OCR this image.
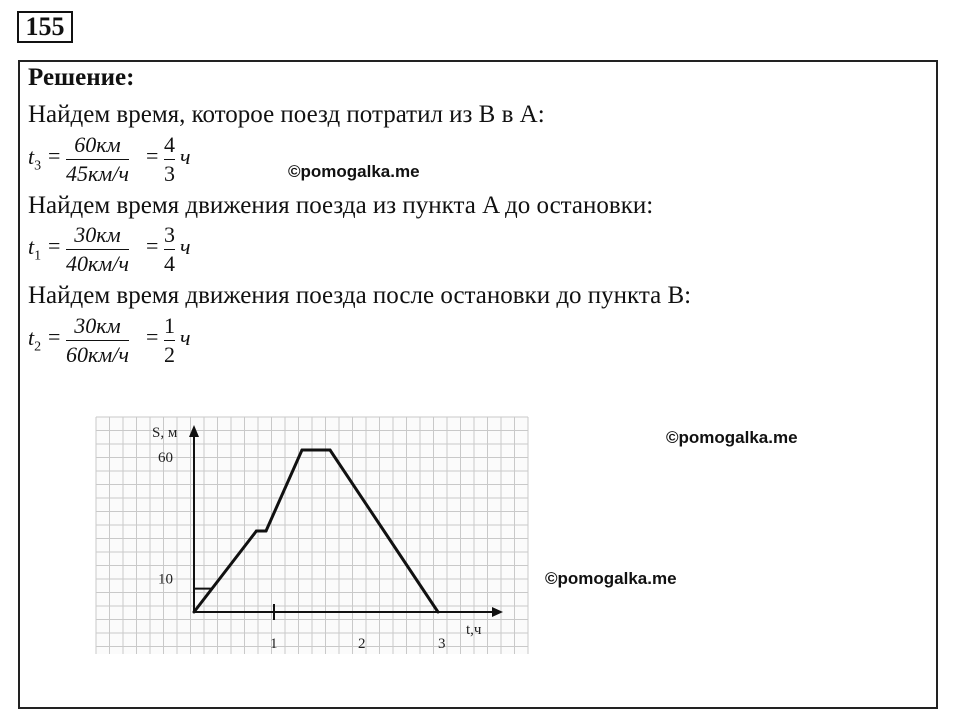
155
Решение:
Найдем время, которое поезд потратил из B в A:
Найдем время движения поезда из пункта A до остановки:
Найдем время движения поезда после остановки до пункта B:
$t_3 = 60км$
45км/ч
= $\frac{4}{3}$ ч
$t_1 = 30км$
40км/ч
= $\frac{3}{4}$ ч
$t_2 = 30км$
60км/ч
= $\frac{1}{2}$ ч
©pomogalka.me
©pomogalka.me
©pomogalka.me
1	2	3
10
60
S, м
t,ч
